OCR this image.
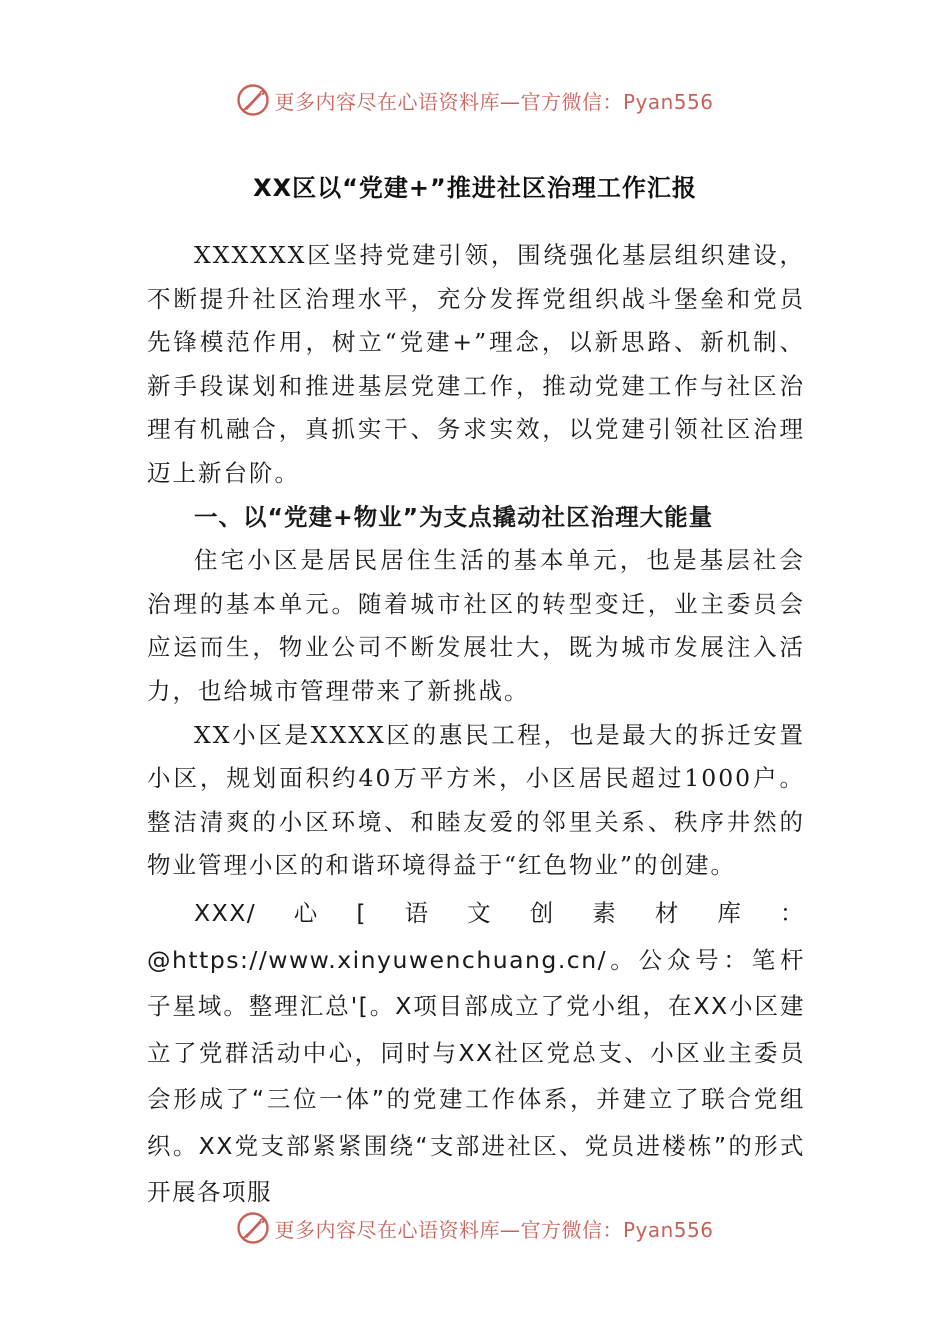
更多内容尽在心语资料库—官方微信：Pyan556
XX区以“党建+”推进社区治理工作汇报

XXXXXX区坚持党建引领，围绕强化基层组织建设，不断提升社区治理水平，充分发挥党组织战斗堡垒和党员先锋模范作用，树立“党建+”理念，以新思路、新机制、新手段谋划和推进基层党建工作，推动党建工作与社区治理有机融合，真抓实干、务求实效，以党建引领社区治理迈上新台阶。

一、以“党建+物业”为支点撬动社区治理大能量

住宅小区是居民居住生活的基本单元，也是基层社会治理的基本单元。随着城市社区的转型变迁，业主委员会应运而生，物业公司不断发展壮大，既为城市发展注入活力，也给城市管理带来了新挑战。

XX小区是XXXX区的惠民工程，也是最大的拆迁安置小区，规划面积约40万平方米，小区居民超过1000户。整洁清爽的小区环境、和睦友爱的邻里关系、秩序井然的物业管理小区的和谐环境得益于“红色物业”的创建。

XXX/心[语文创素材库：@https://www.xinyuwenchuang.cn/。公众号：笔杆子星域。整理汇总'[。X项目部成立了党小组，在XX小区建立了党群活动中心，同时与XX社区党总支、小区业主委员会形成了“三位一体”的党建工作体系，并建立了联合党组织。XX党支部紧紧围绕“支部进社区、党员进楼栋”的形式开展各项服

更多内容尽在心语资料库—官方微信：Pyan556
